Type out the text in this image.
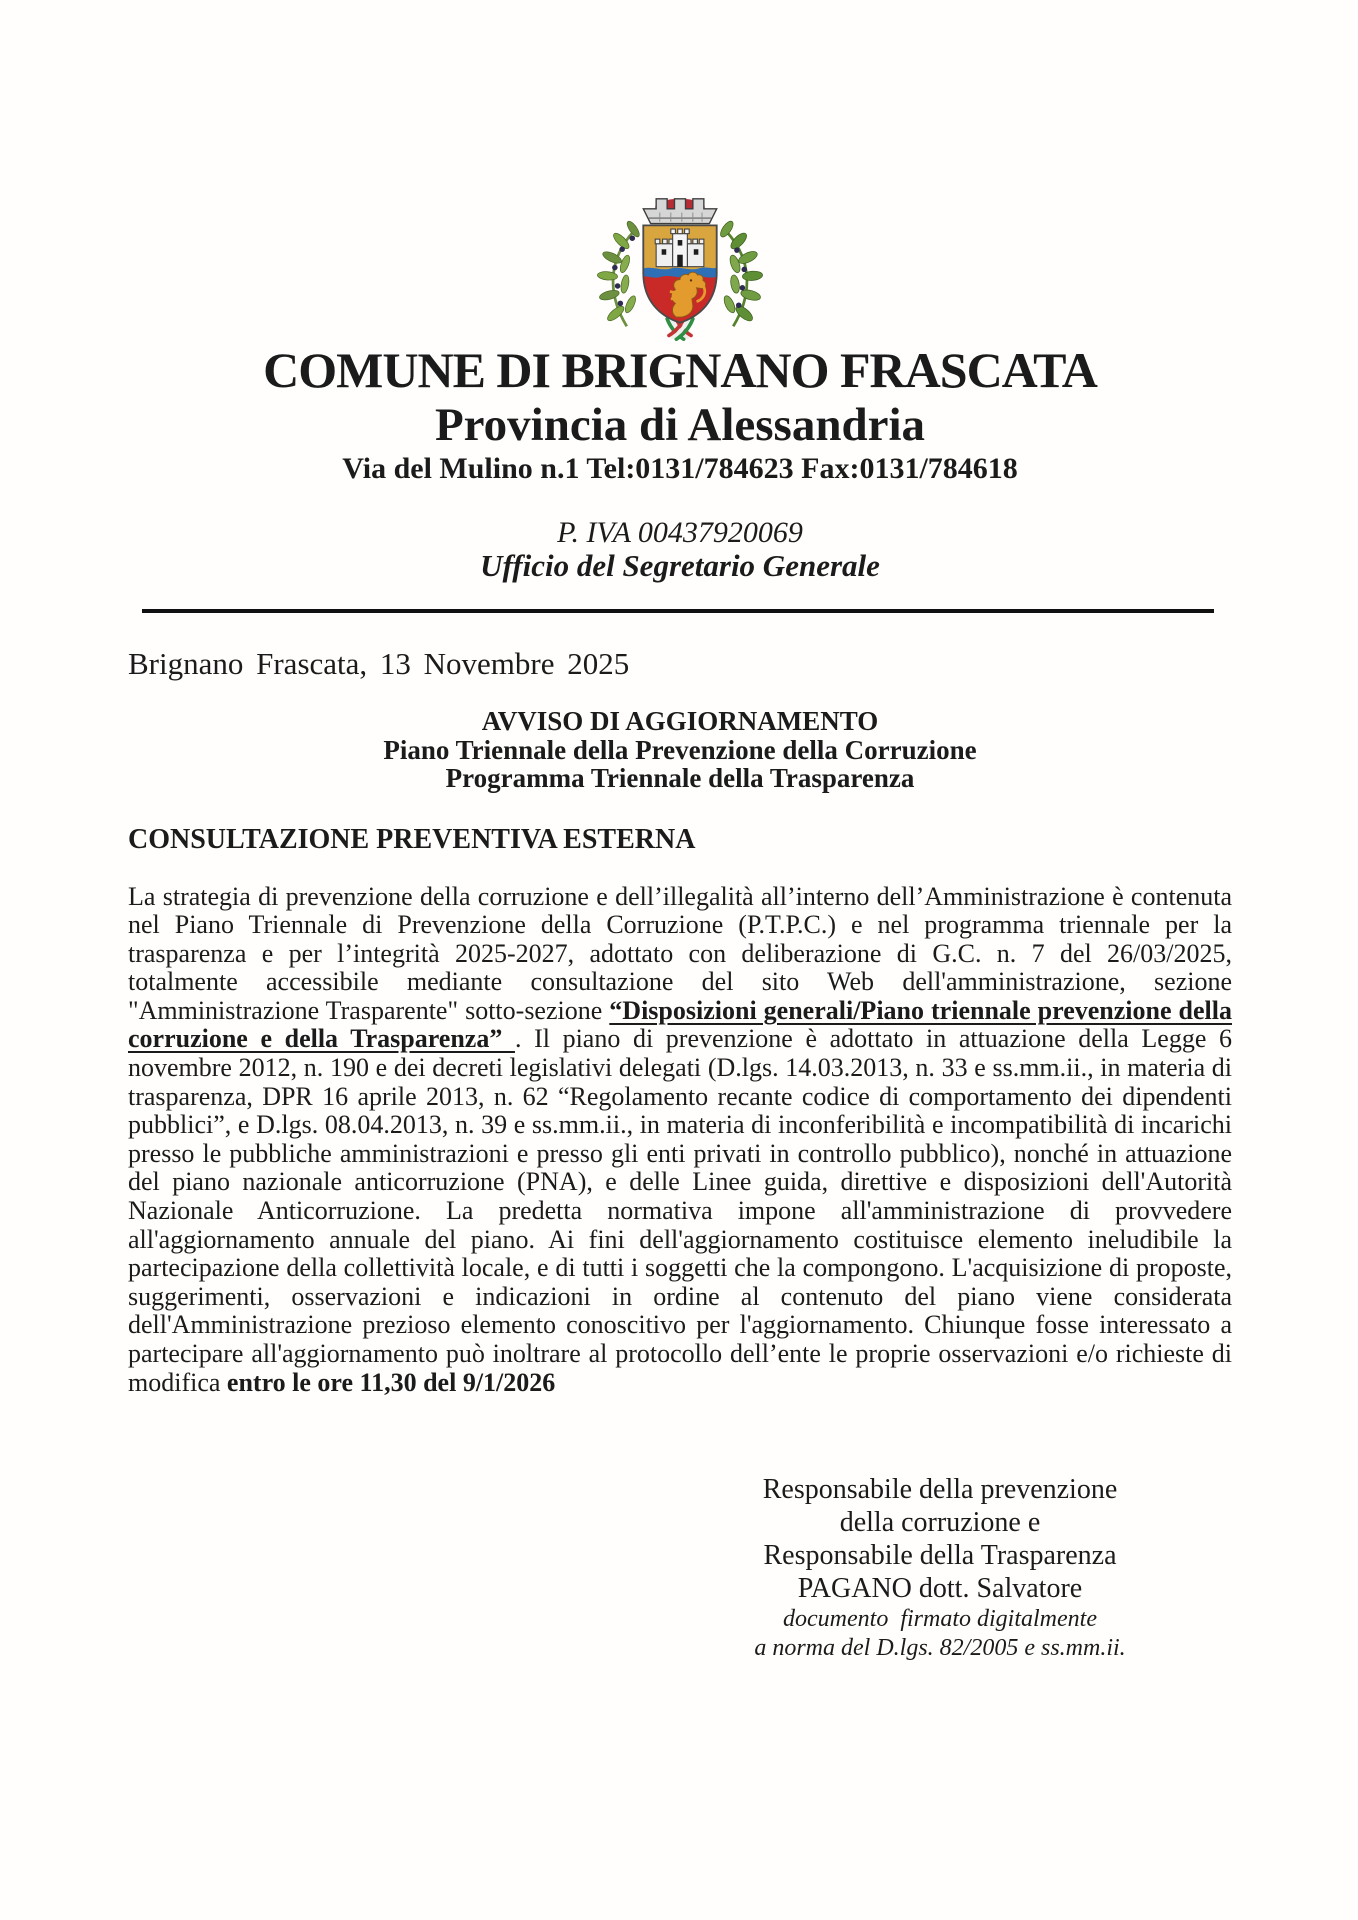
COMUNE DI BRIGNANO FRASCATA
Provincia di Alessandria
Via del Mulino n.1 Tel:0131/784623 Fax:0131/784618
P. IVA 00437920069
Ufficio del Segretario Generale
Brignano Frascata, 13 Novembre 2025
AVVISO DI AGGIORNAMENTO
Piano Triennale della Prevenzione della Corruzione
Programma Triennale della Trasparenza
CONSULTAZIONE PREVENTIVA ESTERNA

La strategia di prevenzione della corruzione e dell’illegalità all’interno dell’Amministrazione è contenuta nel Piano Triennale di Prevenzione della Corruzione (P.T.P.C.) e nel programma triennale per la trasparenza e per l’integrità 2025-2027, adottato con deliberazione di G.C. n. 7 del 26/03/2025, totalmente accessibile mediante consultazione del sito Web dell'amministrazione, sezione "Amministrazione Trasparente" sotto-sezione “Disposizioni generali/Piano triennale prevenzione della corruzione e della Trasparenza” . Il piano di prevenzione è adottato in attuazione della Legge 6 novembre 2012, n. 190 e dei decreti legislativi delegati (D.lgs. 14.03.2013, n. 33 e ss.mm.ii., in materia di trasparenza, DPR 16 aprile 2013, n. 62 “Regolamento recante codice di comportamento dei dipendenti pubblici”, e D.lgs. 08.04.2013, n. 39 e ss.mm.ii., in materia di inconferibilità e incompatibilità di incarichi presso le pubbliche amministrazioni e presso gli enti privati in controllo pubblico), nonché in attuazione del piano nazionale anticorruzione (PNA), e delle Linee guida, direttive e disposizioni dell'Autorità Nazionale Anticorruzione. La predetta normativa impone all'amministrazione di provvedere all'aggiornamento annuale del piano. Ai fini dell'aggiornamento costituisce elemento ineludibile la partecipazione della collettività locale, e di tutti i soggetti che la compongono. L'acquisizione di proposte, suggerimenti, osservazioni e indicazioni in ordine al contenuto del piano viene considerata dell'Amministrazione prezioso elemento conoscitivo per l'aggiornamento. Chiunque fosse interessato a partecipare all'aggiornamento può inoltrare al protocollo dell’ente le proprie osservazioni e/o richieste di modifica entro le ore 11,30 del 9/1/2026

Responsabile della prevenzione
della corruzione e
Responsabile della Trasparenza
PAGANO dott. Salvatore
documento  firmato digitalmente
a norma del D.lgs. 82/2005 e ss.mm.ii.
